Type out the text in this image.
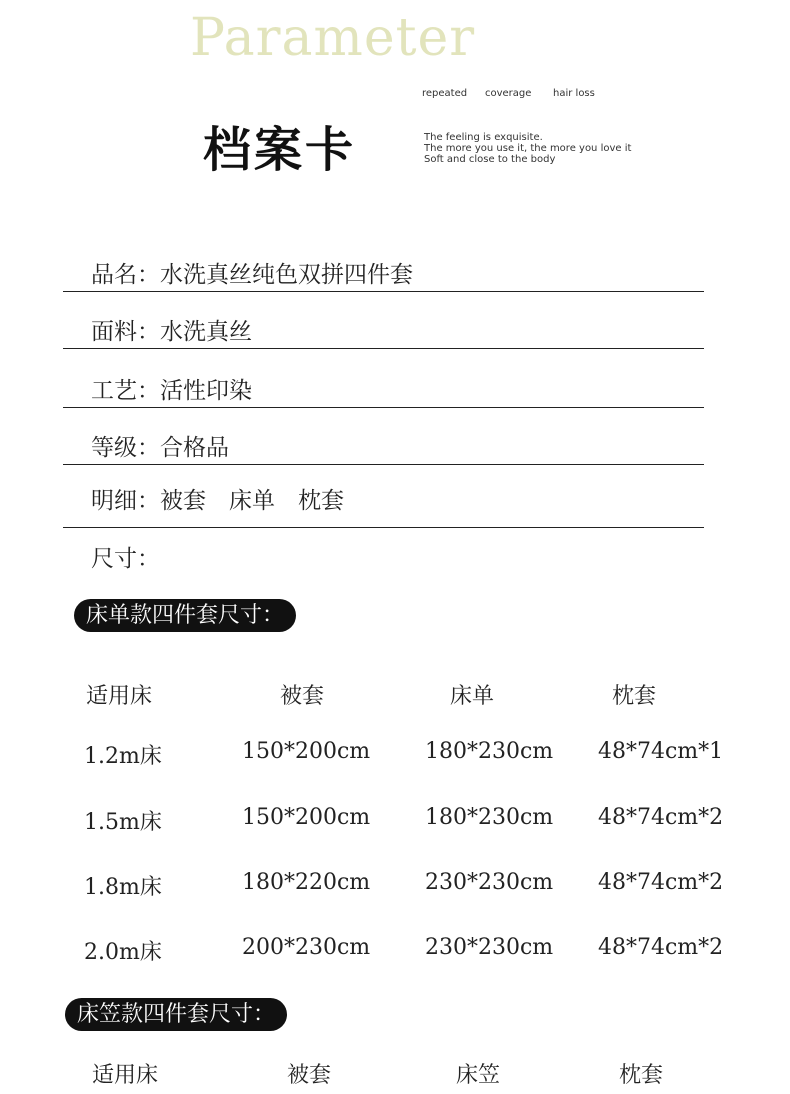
Parameter
repeated coverage hair loss
档案卡	The feeling is exquisite.
The more you use it, the more you love it
Soft and close to the body
品名：水洗真丝纯色双拼四件套
面料：水洗真丝
工艺：活性印染
等级：合格品
明细：被套　床单　枕套
尺寸：
床单款四件套尺寸：
适用床	被套	床单	枕套
1.2m床	150*200cm 180*230cm 48*74cm*1
1.5m床	150*200cm 180*230cm 48*74cm*2
1.8m床	180*220cm 230*230cm 48*74cm*2
2.0m床	200*230cm 230*230cm 48*74cm*2
床笠款四件套尺寸：
适用床	被套	床笠	枕套
